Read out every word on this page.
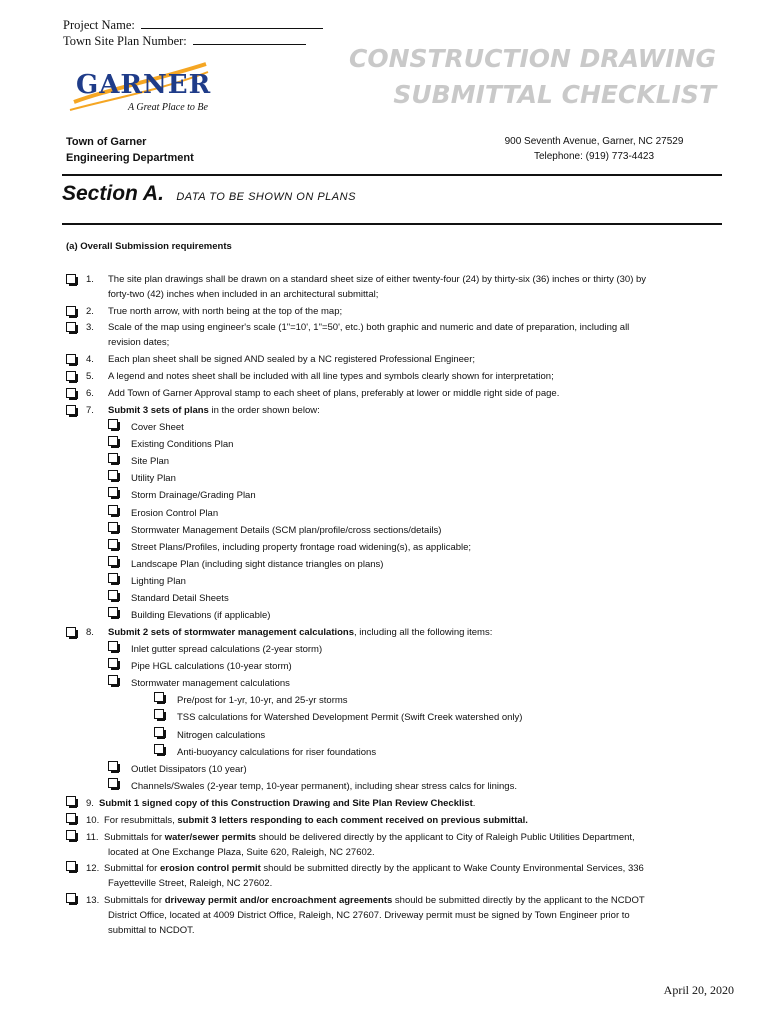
Project Name:
Town Site Plan Number:
CONSTRUCTION DRAWING
SUBMITTAL CHECKLIST
GARNER
A Great Place to Be
Town of Garner
Engineering Department
900 Seventh Avenue, Garner, NC 27529
Telephone: (919) 773-4423
Section A. DATA TO BE SHOWN ON PLANS
(a) Overall Submission requirements
1.	The site plan drawings shall be drawn on a standard sheet size of either twenty-four (24) by thirty-six (36) inches or thirty (30) by
forty-two (42) inches when included in an architectural submittal;
2.	True north arrow, with north being at the top of the map;
3.	Scale of the map using engineer's scale (1"=10', 1"=50', etc.) both graphic and numeric and date of preparation, including all
revision dates;
4.	Each plan sheet shall be signed AND sealed by a NC registered Professional Engineer;
5.	A legend and notes sheet shall be included with all line types and symbols clearly shown for interpretation;
6.	Add Town of Garner Approval stamp to each sheet of plans, preferably at lower or middle right side of page.
7.	Submit 3 sets of plans in the order shown below:
Cover Sheet
Existing Conditions Plan
Site Plan
Utility Plan
Storm Drainage/Grading Plan
Erosion Control Plan
Stormwater Management Details (SCM plan/profile/cross sections/details)
Street Plans/Profiles, including property frontage road widening(s), as applicable;
Landscape Plan (including sight distance triangles on plans)
Lighting Plan
Standard Detail Sheets
Building Elevations (if applicable)
8.	Submit 2 sets of stormwater management calculations, including all the following items:
Inlet gutter spread calculations (2-year storm)
Pipe HGL calculations (10-year storm)
Stormwater management calculations
Pre/post for 1-yr, 10-yr, and 25-yr storms
TSS calculations for Watershed Development Permit (Swift Creek watershed only)
Nitrogen calculations
Anti-buoyancy calculations for riser foundations
Outlet Dissipators (10 year)
Channels/Swales (2-year temp, 10-year permanent), including shear stress calcs for linings.
9. Submit 1 signed copy of this Construction Drawing and Site Plan Review Checklist.
10. For resubmittals, submit 3 letters responding to each comment received on previous submittal.
11. Submittals for water/sewer permits should be delivered directly by the applicant to City of Raleigh Public Utilities Department,
located at One Exchange Plaza, Suite 620, Raleigh, NC 27602.
12. Submittal for erosion control permit should be submitted directly by the applicant to Wake County Environmental Services, 336
Fayetteville Street, Raleigh, NC 27602.
13. Submittals for driveway permit and/or encroachment agreements should be submitted directly by the applicant to the NCDOT
District Office, located at 4009 District Office, Raleigh, NC 27607. Driveway permit must be signed by Town Engineer prior to
submittal to NCDOT.
April 20, 2020
